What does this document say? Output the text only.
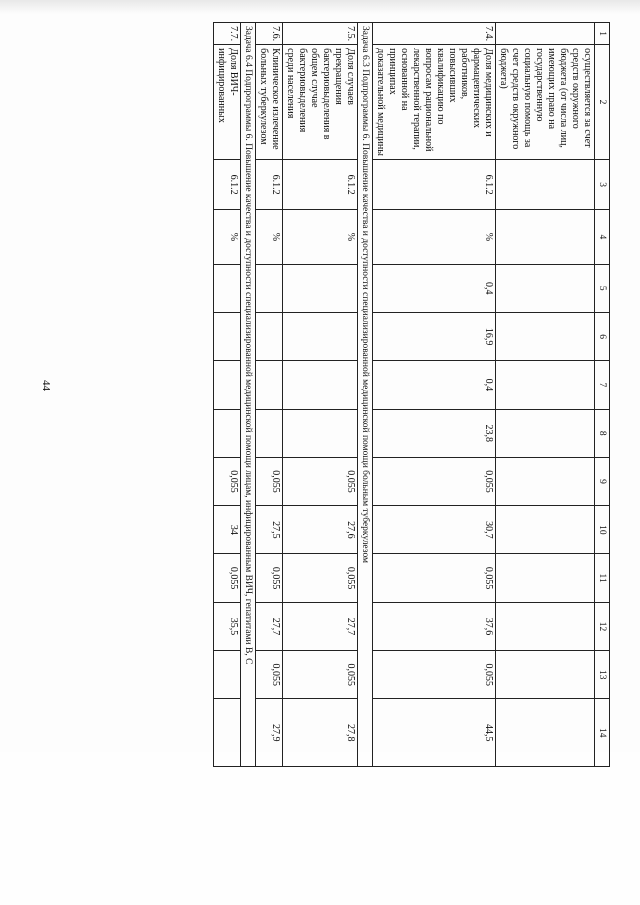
44
1	2	3	4	5	6	7	8	9	10	11	12	13	14
	осуществляется за счет средств окружного бюджета (от числа лиц, имеющих право на государственную социальную помощь за счет средств окружного бюджета)												
7.4.	Доля медицинских и фармацевтических работников, повысивших квалификацию по вопросам рациональной лекарственной терапии, основанной на принципах доказательной медицины	6.1.2	%	0,4	16,9	0,4	23,8	0,055	30,7	0,055	37,6	0,055	44,5
Задача 6.3 Подпрограммы 6. Повышение качества и доступности специализированной медицинской помощи больным туберкулезом													
7.5.	Доля случаев прекращения бактериовыделения в общем случае бактериовыделения среди населения	6.1.2	%					0,055	27,6	0,055	27,7	0,055	27,8
7.6.	Клиническое излечение больных туберкулезом	6.1.2	%					0,055	27,5	0,055	27,7	0,055	27,9
Задача 6.4 Подпрограммы 6. Повышение качества и доступности специализированной медицинской помощи лицам, инфицированным ВИЧ, гепатитами В, С													
7.7.	Доля ВИЧ-инфицированных	6.1.2	%					0,055	34	0,055	35,5		
